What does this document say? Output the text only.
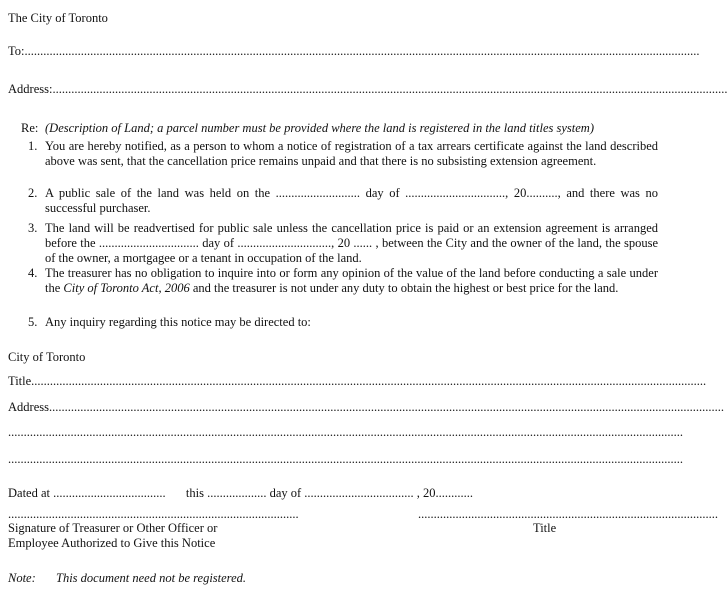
The City of Toronto
To:
.....
Address:
.....
Re: (Description of Land; a parcel number must be provided where the land is registered in the land titles system)
1. You are hereby notified, as a person to whom a notice of registration of a tax arrears certificate against the land described above was sent, that the cancellation price remains unpaid and that there is no subsisting extension agreement.
2. A public sale of the land was held on the ........................... day of ................................, 20.........., and there was no successful purchaser.
3. The land will be readvertised for public sale unless the cancellation price is paid or an extension agreement is arranged before the ................................ day of .............................., 20 ...... , between the City and the owner of the land, the spouse of the owner, a mortgagee or a tenant in occupation of the land.
4. The treasurer has no obligation to inquire into or form any opinion of the value of the land before conducting a sale under the City of Toronto Act, 2006 and the treasurer is not under any duty to obtain the highest or best price for the land.
5. Any inquiry regarding this notice may be directed to:
City of Toronto
Title
.....
Address
.....
.....
.....
Dated at .................................... this ................... day of ................................... , 20............
.............................................................................................
Signature of Treasurer or Other Officer or
Employee Authorized to Give this Notice
................................................................................................
Title
Note: This document need not be registered.
